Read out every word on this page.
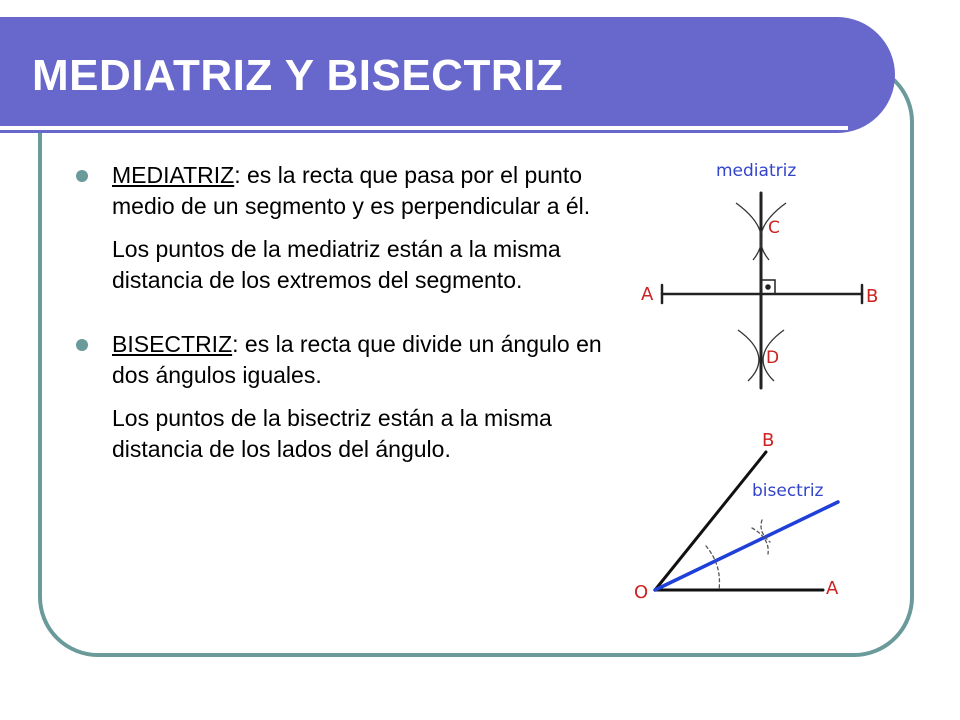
MEDIATRIZ Y BISECTRIZ

MEDIATRIZ: es la recta que pasa por el punto medio de un segmento y es perpendicular a él.

Los puntos de la mediatriz están a la misma distancia de los extremos del segmento.

BISECTRIZ: es la recta que divide un ángulo en dos ángulos iguales.

Los puntos de la bisectriz están a la misma distancia de los lados del ángulo.

mediatriz
C
A	B
D
B
bisectriz
O	A
